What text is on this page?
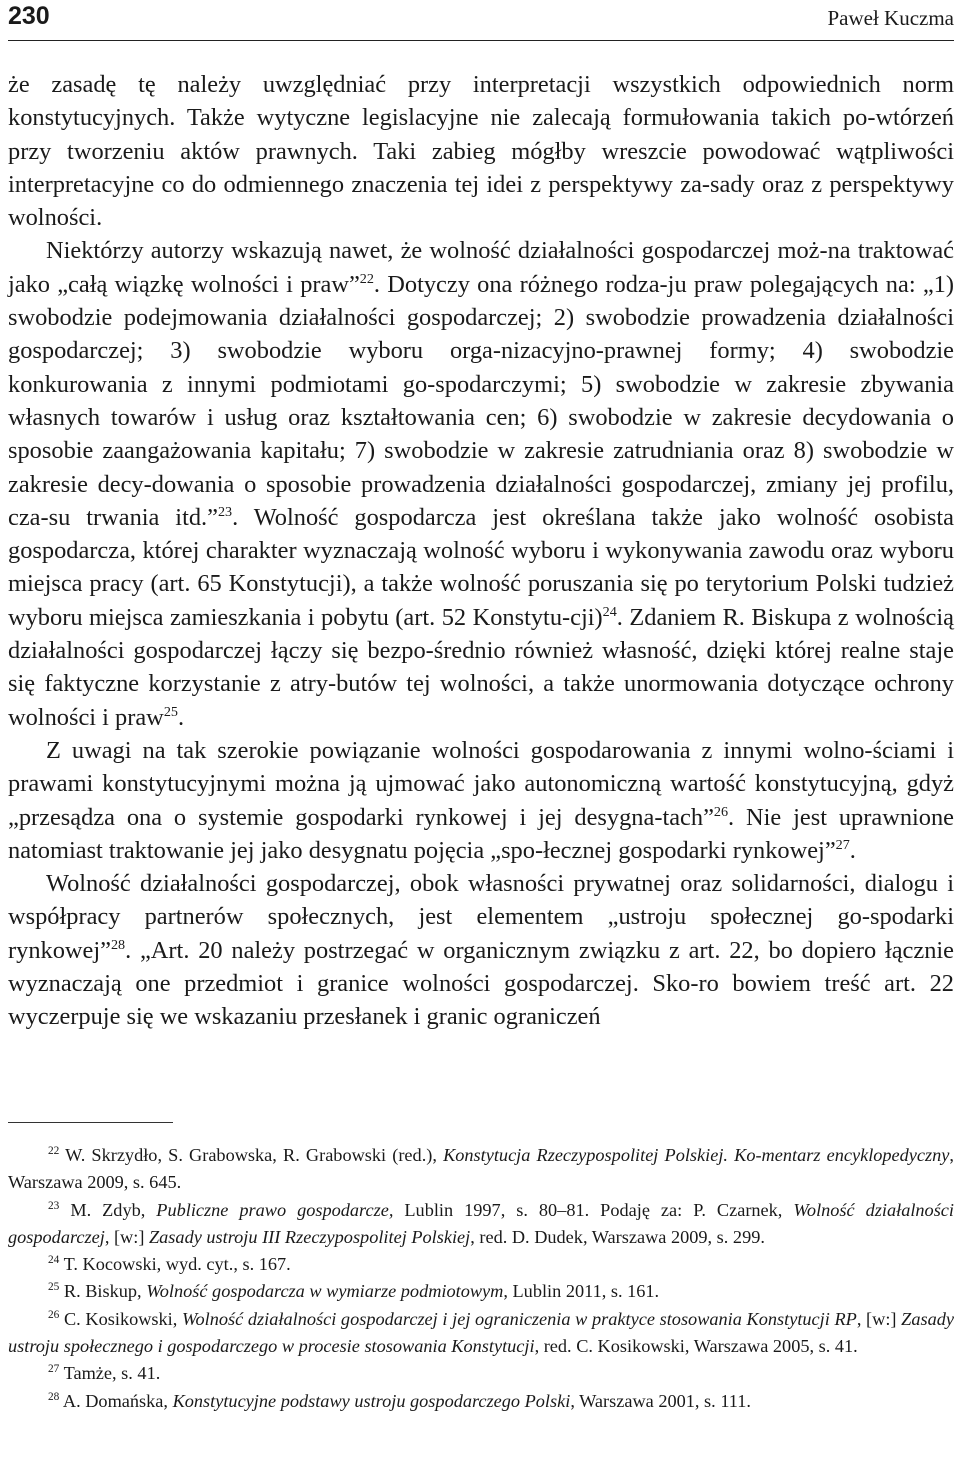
230	Paweł Kuczma

że zasadę tę należy uwzględniać przy interpretacji wszystkich odpowiednich norm konstytucyjnych. Także wytyczne legislacyjne nie zalecają formułowania takich po-wtórzeń przy tworzeniu aktów prawnych. Taki zabieg mógłby wreszcie powodować wątpliwości interpretacyjne co do odmiennego znaczenia tej idei z perspektywy za-sady oraz z perspektywy wolności.

Niektórzy autorzy wskazują nawet, że wolność działalności gospodarczej moż-na traktować jako „całą wiązkę wolności i praw”$^{22}$. Dotyczy ona różnego rodza-ju praw polegających na: „1) swobodzie podejmowania działalności gospodarczej; 2) swobodzie prowadzenia działalności gospodarczej; 3) swobodzie wyboru orga-nizacyjno-prawnej formy; 4) swobodzie konkurowania z innymi podmiotami go-spodarczymi; 5) swobodzie w zakresie zbywania własnych towarów i usług oraz kształtowania cen; 6) swobodzie w zakresie decydowania o sposobie zaangażowania kapitału; 7) swobodzie w zakresie zatrudniania oraz 8) swobodzie w zakresie decy-dowania o sposobie prowadzenia działalności gospodarczej, zmiany jej profilu, cza-su trwania itd.”$^{23}$. Wolność gospodarcza jest określana także jako wolność osobista gospodarcza, której charakter wyznaczają wolność wyboru i wykonywania zawodu oraz wyboru miejsca pracy (art. 65 Konstytucji), a także wolność poruszania się po terytorium Polski tudzież wyboru miejsca zamieszkania i pobytu (art. 52 Konstytu-cji)$^{24}$. Zdaniem R. Biskupa z wolnością działalności gospodarczej łączy się bezpo-średnio również własność, dzięki której realne staje się faktyczne korzystanie z atry-butów tej wolności, a także unormowania dotyczące ochrony wolności i praw$^{25}$.

Z uwagi na tak szerokie powiązanie wolności gospodarowania z innymi wolno-ściami i prawami konstytucyjnymi można ją ujmować jako autonomiczną wartość konstytucyjną, gdyż „przesądza ona o systemie gospodarki rynkowej i jej desygna-tach”$^{26}$. Nie jest uprawnione natomiast traktowanie jej jako desygnatu pojęcia „spo-łecznej gospodarki rynkowej”$^{27}$.

Wolność działalności gospodarczej, obok własności prywatnej oraz solidarności, dialogu i współpracy partnerów społecznych, jest elementem „ustroju społecznej go-spodarki rynkowej”$^{28}$. „Art. 20 należy postrzegać w organicznym związku z art. 22, bo dopiero łącznie wyznaczają one przedmiot i granice wolności gospodarczej. Sko-ro bowiem treść art. 22 wyczerpuje się we wskazaniu przesłanek i granic ograniczeń

$^{22}$ W. Skrzydło, S. Grabowska, R. Grabowski (red.), Konstytucja Rzeczypospolitej Polskiej. Ko-mentarz encyklopedyczny, Warszawa 2009, s. 645.

$^{23}$ M. Zdyb, Publiczne prawo gospodarcze, Lublin 1997, s. 80–81. Podaję za: P. Czarnek, Wolność działalności gospodarczej, [w:] Zasady ustroju III Rzeczypospolitej Polskiej, red. D. Dudek, Warszawa 2009, s. 299.

$^{24}$ T. Kocowski, wyd. cyt., s. 167.

$^{25}$ R. Biskup, Wolność gospodarcza w wymiarze podmiotowym, Lublin 2011, s. 161.

$^{26}$ C. Kosikowski, Wolność działalności gospodarczej i jej ograniczenia w praktyce stosowania Konstytucji RP, [w:] Zasady ustroju społecznego i gospodarczego w procesie stosowania Konstytucji, red. C. Kosikowski, Warszawa 2005, s. 41.

$^{27}$ Tamże, s. 41.

$^{28}$ A. Domańska, Konstytucyjne podstawy ustroju gospodarczego Polski, Warszawa 2001, s. 111.
